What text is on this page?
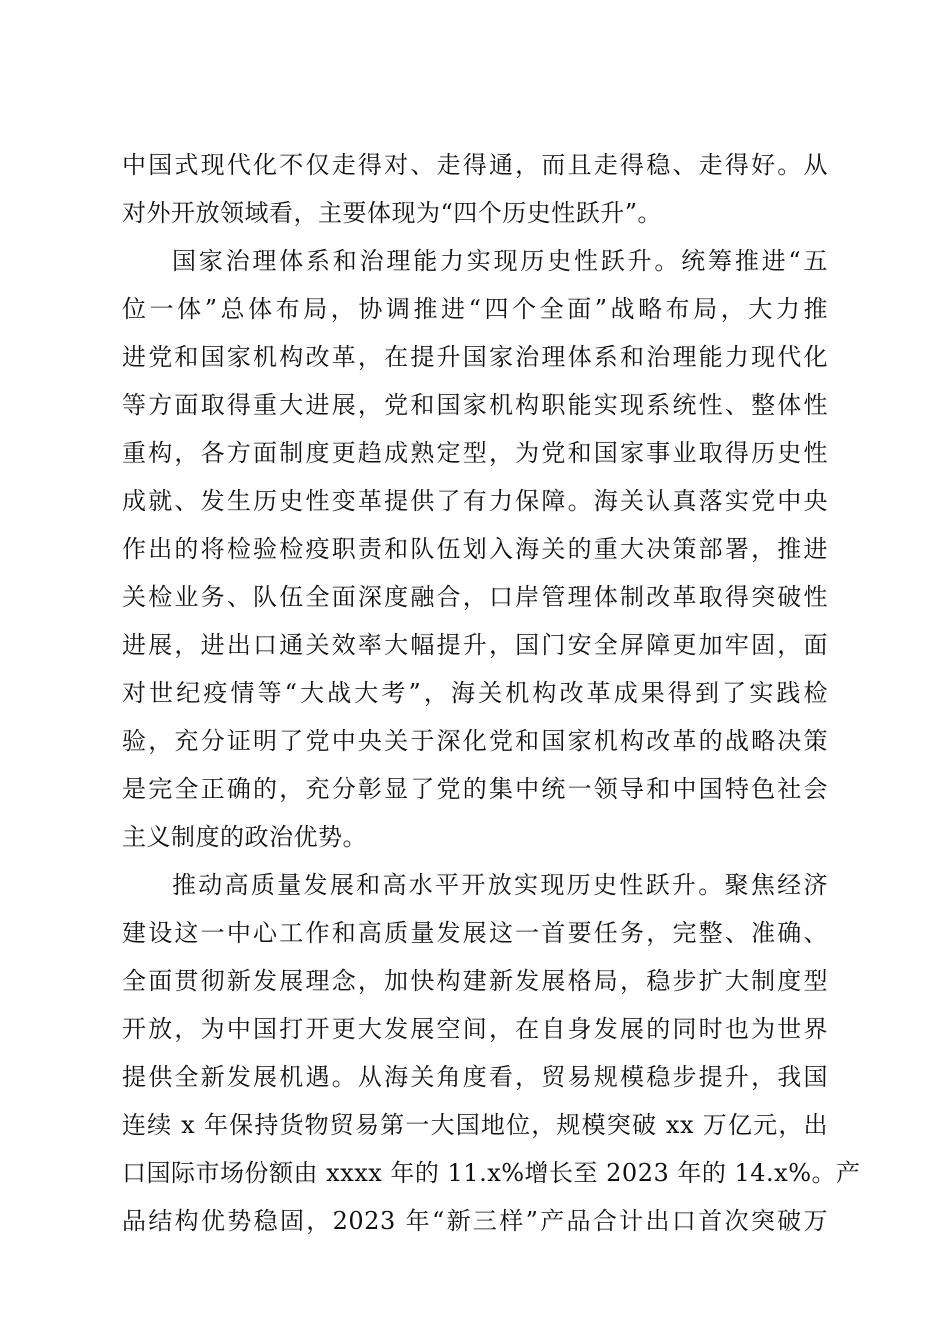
中国式现代化不仅走得对、走得通，而且走得稳、走得好。从
对外开放领域看，主要体现为“四个历史性跃升”。
国家治理体系和治理能力实现历史性跃升。统筹推进“五
位一体”总体布局，协调推进“四个全面”战略布局，大力推
进党和国家机构改革，在提升国家治理体系和治理能力现代化
等方面取得重大进展，党和国家机构职能实现系统性、整体性
重构，各方面制度更趋成熟定型，为党和国家事业取得历史性
成就、发生历史性变革提供了有力保障。海关认真落实党中央
作出的将检验检疫职责和队伍划入海关的重大决策部署，推进
关检业务、队伍全面深度融合，口岸管理体制改革取得突破性
进展，进出口通关效率大幅提升，国门安全屏障更加牢固，面
对世纪疫情等“大战大考”，海关机构改革成果得到了实践检
验，充分证明了党中央关于深化党和国家机构改革的战略决策
是完全正确的，充分彰显了党的集中统一领导和中国特色社会
主义制度的政治优势。
推动高质量发展和高水平开放实现历史性跃升。聚焦经济
建设这一中心工作和高质量发展这一首要任务，完整、准确、
全面贯彻新发展理念，加快构建新发展格局，稳步扩大制度型
开放，为中国打开更大发展空间，在自身发展的同时也为世界
提供全新发展机遇。从海关角度看，贸易规模稳步提升，我国
连续 x 年保持货物贸易第一大国地位，规模突破 xx 万亿元，出
口国际市场份额由 xxxx 年的 11.x%增长至 2023 年的 14.x%。产
品结构优势稳固，2023 年“新三样”产品合计出口首次突破万
